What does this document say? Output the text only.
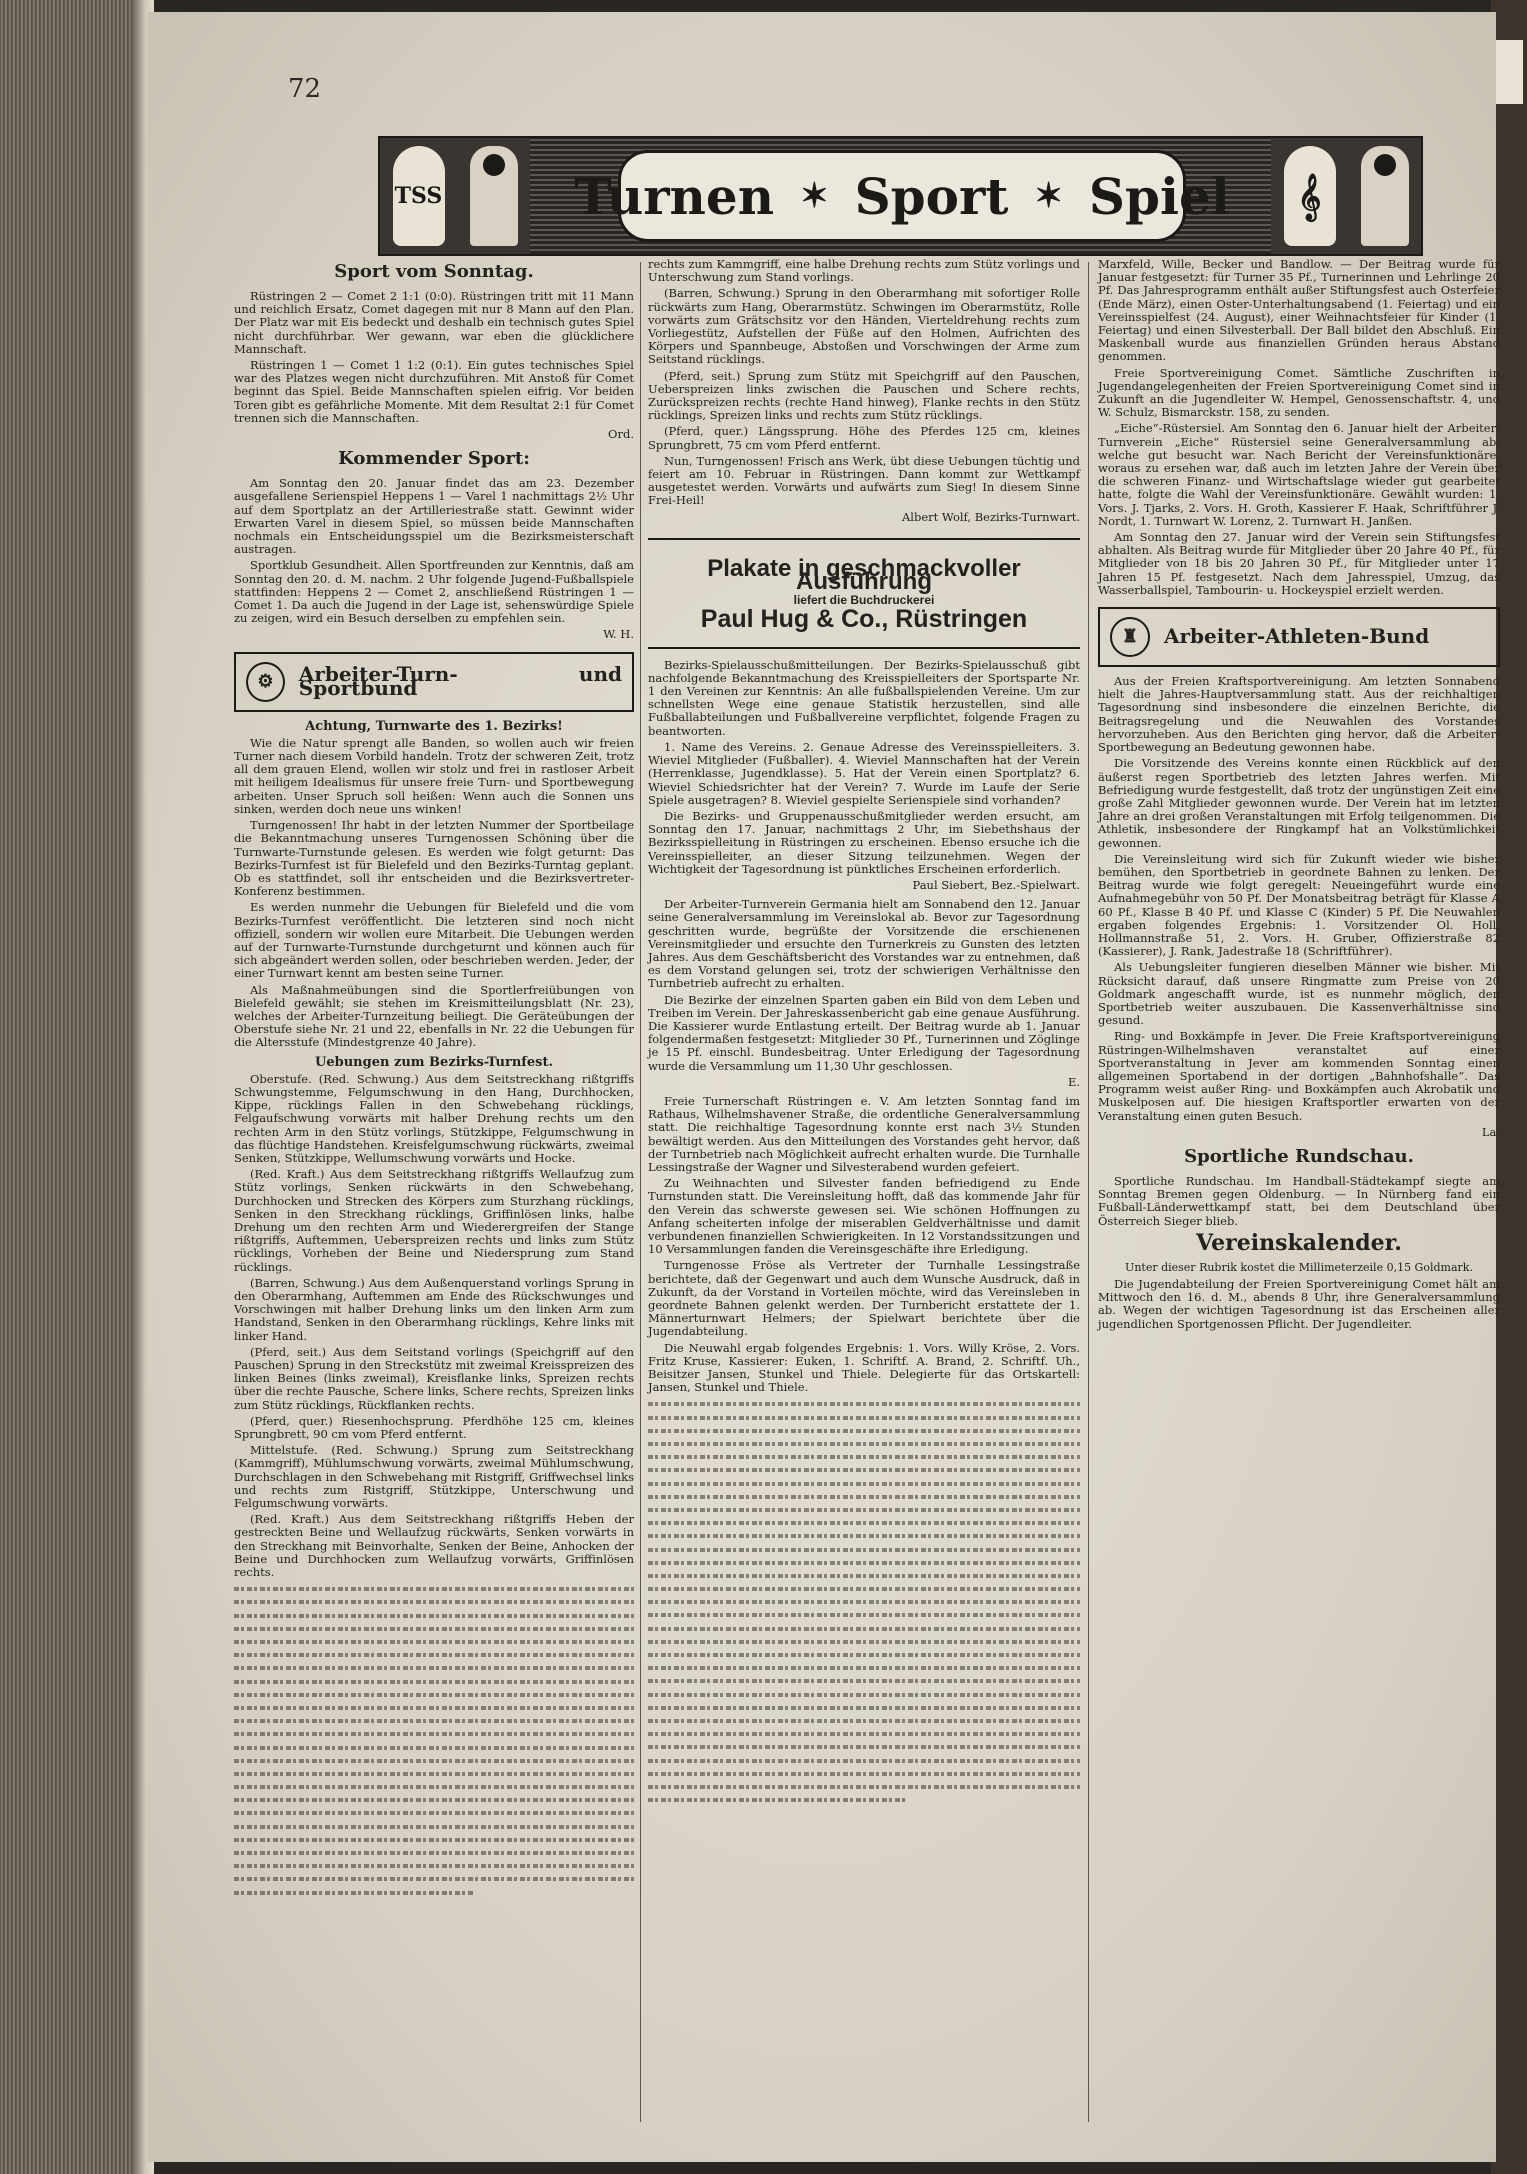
72
TSS	Turnen ✶ Sport ✶ Spiel	𝄞
Sport vom Sonntag.
Rüstringen 2 — Comet 2 1:1 (0:0). Rüstringen tritt mit 11 Mann und reichlich Ersatz, Comet dagegen mit nur 8 Mann auf den Plan. Der Platz war mit Eis bedeckt und deshalb ein technisch gutes Spiel nicht durchführbar. Wer gewann, war eben die glücklichere Mannschaft.
Rüstringen 1 — Comet 1 1:2 (0:1). Ein gutes technisches Spiel war des Platzes wegen nicht durchzuführen. Mit Anstoß für Comet beginnt das Spiel. Beide Mannschaften spielen eifrig. Vor beiden Toren gibt es gefährliche Momente. Mit dem Resultat 2:1 für Comet trennen sich die Mannschaften.
Ord.
Kommender Sport:
Am Sonntag den 20. Januar findet das am 23. Dezember ausgefallene Serienspiel Heppens 1 — Varel 1 nachmittags 2½ Uhr auf dem Sportplatz an der Artilleriestraße statt. Gewinnt wider Erwarten Varel in diesem Spiel, so müssen beide Mannschaften nochmals ein Entscheidungsspiel um die Bezirksmeisterschaft austragen.
Sportklub Gesundheit. Allen Sportfreunden zur Kenntnis, daß am Sonntag den 20. d. M. nachm. 2 Uhr folgende Jugend-Fußballspiele stattfinden: Heppens 2 — Comet 2, anschließend Rüstringen 1 — Comet 1. Da auch die Jugend in der Lage ist, sehenswürdige Spiele zu zeigen, wird ein Besuch derselben zu empfehlen sein.
W. H.
⚙	Arbeiter-Turn- und Sportbund
Achtung, Turnwarte des 1. Bezirks!
Wie die Natur sprengt alle Banden, so wollen auch wir freien Turner nach diesem Vorbild handeln. Trotz der schweren Zeit, trotz all dem grauen Elend, wollen wir stolz und frei in rastloser Arbeit mit heiligem Idealismus für unsere freie Turn- und Sportbewegung arbeiten. Unser Spruch soll heißen: Wenn auch die Sonnen uns sinken, werden doch neue uns winken!
Turngenossen! Ihr habt in der letzten Nummer der Sportbeilage die Bekanntmachung unseres Turngenossen Schöning über die Turnwarte-Turnstunde gelesen. Es werden wie folgt geturnt: Das Bezirks-Turnfest ist für Bielefeld und den Bezirks-Turntag geplant. Ob es stattfindet, soll ihr entscheiden und die Bezirksvertreter-Konferenz bestimmen.
Es werden nunmehr die Uebungen für Bielefeld und die vom Bezirks-Turnfest veröffentlicht. Die letzteren sind noch nicht offiziell, sondern wir wollen eure Mitarbeit. Die Uebungen werden auf der Turnwarte-Turnstunde durchgeturnt und können auch für sich abgeändert werden sollen, oder beschrieben werden. Jeder, der einer Turnwart kennt am besten seine Turner.
Als Maßnahmeübungen sind die Sportlerfreiübungen von Bielefeld gewählt; sie stehen im Kreismitteilungsblatt (Nr. 23), welches der Arbeiter-Turnzeitung beiliegt. Die Geräteübungen der Oberstufe siehe Nr. 21 und 22, ebenfalls in Nr. 22 die Uebungen für die Altersstufe (Mindestgrenze 40 Jahre).
Uebungen zum Bezirks-Turnfest.
Oberstufe. (Red. Schwung.) Aus dem Seitstreckhang rißtgriffs Schwungstemme, Felgumschwung in den Hang, Durchhocken, Kippe, rücklings Fallen in den Schwebehang rücklings, Felgaufschwung vorwärts mit halber Drehung rechts um den rechten Arm in den Stütz vorlings, Stützkippe, Felgumschwung in das flüchtige Handstehen. Kreisfelgumschwung rückwärts, zweimal Senken, Stützkippe, Wellumschwung vorwärts und Hocke.
(Red. Kraft.) Aus dem Seitstreckhang rißtgriffs Wellaufzug zum Stütz vorlings, Senken rückwärts in den Schwebehang, Durchhocken und Strecken des Körpers zum Sturzhang rücklings, Senken in den Streckhang rücklings, Griffinlösen links, halbe Drehung um den rechten Arm und Wiederergreifen der Stange rißtgriffs, Auftemmen, Ueberspreizen rechts und links zum Stütz rücklings, Vorheben der Beine und Niedersprung zum Stand rücklings.
(Barren, Schwung.) Aus dem Außenquerstand vorlings Sprung in den Oberarmhang, Auftemmen am Ende des Rückschwunges und Vorschwingen mit halber Drehung links um den linken Arm zum Handstand, Senken in den Oberarmhang rücklings, Kehre links mit linker Hand.
(Pferd, seit.) Aus dem Seitstand vorlings (Speichgriff auf den Pauschen) Sprung in den Streckstütz mit zweimal Kreisspreizen des linken Beines (links zweimal), Kreisflanke links, Spreizen rechts über die rechte Pausche, Schere links, Schere rechts, Spreizen links zum Stütz rücklings, Rückflanken rechts.
(Pferd, quer.) Riesenhochsprung. Pferdhöhe 125 cm, kleines Sprungbrett, 90 cm vom Pferd entfernt.
Mittelstufe. (Red. Schwung.) Sprung zum Seitstreckhang (Kammgriff), Mühlumschwung vorwärts, zweimal Mühlumschwung, Durchschlagen in den Schwebehang mit Ristgriff, Griffwechsel links und rechts zum Ristgriff, Stützkippe, Unterschwung und Felgumschwung vorwärts.
(Red. Kraft.) Aus dem Seitstreckhang rißtgriffs Heben der gestreckten Beine und Wellaufzug rückwärts, Senken vorwärts in den Streckhang mit Beinvorhalte, Senken der Beine, Anhocken der Beine und Durchhocken zum Wellaufzug vorwärts, Griffinlösen rechts.
rechts zum Kammgriff, eine halbe Drehung rechts zum Stütz vorlings und Unterschwung zum Stand vorlings.
(Barren, Schwung.) Sprung in den Oberarmhang mit sofortiger Rolle rückwärts zum Hang, Oberarmstütz. Schwingen im Oberarmstütz, Rolle vorwärts zum Grätschsitz vor den Händen, Vierteldrehung rechts zum Vorliegestütz, Aufstellen der Füße auf den Holmen, Aufrichten des Körpers und Spannbeuge, Abstoßen und Vorschwingen der Arme zum Seitstand rücklings.
(Pferd, seit.) Sprung zum Stütz mit Speichgriff auf den Pauschen, Ueberspreizen links zwischen die Pauschen und Schere rechts, Zurückspreizen rechts (rechte Hand hinweg), Flanke rechts in den Stütz rücklings, Spreizen links und rechts zum Stütz rücklings.
(Pferd, quer.) Längssprung. Höhe des Pferdes 125 cm, kleines Sprungbrett, 75 cm vom Pferd entfernt.
Nun, Turngenossen! Frisch ans Werk, übt diese Uebungen tüchtig und feiert am 10. Februar in Rüstringen. Dann kommt zur Wettkampf ausgetestet werden. Vorwärts und aufwärts zum Sieg! In diesem Sinne Frei-Heil!
Albert Wolf, Bezirks-Turnwart.
Plakate in geschmackvoller Ausführung
liefert die Buchdruckerei
Paul Hug & Co., Rüstringen
Bezirks-Spielausschußmitteilungen. Der Bezirks-Spielausschuß gibt nachfolgende Bekanntmachung des Kreisspielleiters der Sportsparte Nr. 1 den Vereinen zur Kenntnis: An alle fußballspielenden Vereine. Um zur schnellsten Wege eine genaue Statistik herzustellen, sind alle Fußballabteilungen und Fußballvereine verpflichtet, folgende Fragen zu beantworten.
1. Name des Vereins. 2. Genaue Adresse des Vereinsspielleiters. 3. Wieviel Mitglieder (Fußballer). 4. Wieviel Mannschaften hat der Verein (Herrenklasse, Jugendklasse). 5. Hat der Verein einen Sportplatz? 6. Wieviel Schiedsrichter hat der Verein? 7. Wurde im Laufe der Serie Spiele ausgetragen? 8. Wieviel gespielte Serienspiele sind vorhanden?
Die Bezirks- und Gruppenausschußmitglieder werden ersucht, am Sonntag den 17. Januar, nachmittags 2 Uhr, im Siebethshaus der Bezirksspielleitung in Rüstringen zu erscheinen. Ebenso ersuche ich die Vereinsspielleiter, an dieser Sitzung teilzunehmen. Wegen der Wichtigkeit der Tagesordnung ist pünktliches Erscheinen erforderlich.
Paul Siebert, Bez.-Spielwart.
Der Arbeiter-Turnverein Germania hielt am Sonnabend den 12. Januar seine Generalversammlung im Vereinslokal ab. Bevor zur Tagesordnung geschritten wurde, begrüßte der Vorsitzende die erschienenen Vereinsmitglieder und ersuchte den Turnerkreis zu Gunsten des letzten Jahres. Aus dem Geschäftsbericht des Vorstandes war zu entnehmen, daß es dem Vorstand gelungen sei, trotz der schwierigen Verhältnisse den Turnbetrieb aufrecht zu erhalten.
Die Bezirke der einzelnen Sparten gaben ein Bild von dem Leben und Treiben im Verein. Der Jahreskassenbericht gab eine genaue Ausführung. Die Kassierer wurde Entlastung erteilt. Der Beitrag wurde ab 1. Januar folgendermaßen festgesetzt: Mitglieder 30 Pf., Turnerinnen und Zöglinge je 15 Pf. einschl. Bundesbeitrag. Unter Erledigung der Tagesordnung wurde die Versammlung um 11,30 Uhr geschlossen.
E.
Freie Turnerschaft Rüstringen e. V. Am letzten Sonntag fand im Rathaus, Wilhelmshavener Straße, die ordentliche Generalversammlung statt. Die reichhaltige Tagesordnung konnte erst nach 3½ Stunden bewältigt werden. Aus den Mitteilungen des Vorstandes geht hervor, daß der Turnbetrieb nach Möglichkeit aufrecht erhalten wurde. Die Turnhalle Lessingstraße der Wagner und Silvesterabend wurden gefeiert.
Zu Weihnachten und Silvester fanden befriedigend zu Ende Turnstunden statt. Die Vereinsleitung hofft, daß das kommende Jahr für den Verein das schwerste gewesen sei. Wie schönen Hoffnungen zu Anfang scheiterten infolge der miserablen Geldverhältnisse und damit verbundenen finanziellen Schwierigkeiten. In 12 Vorstandssitzungen und 10 Versammlungen fanden die Vereinsgeschäfte ihre Erledigung.
Turngenosse Fröse als Vertreter der Turnhalle Lessingstraße berichtete, daß der Gegenwart und auch dem Wunsche Ausdruck, daß in Zukunft, da der Vorstand in Vorteilen möchte, wird das Vereinsleben in geordnete Bahnen gelenkt werden. Der Turnbericht erstattete der 1. Männerturnwart Helmers; der Spielwart berichtete über die Jugendabteilung.
Die Neuwahl ergab folgendes Ergebnis: 1. Vors. Willy Kröse, 2. Vors. Fritz Kruse, Kassierer: Euken, 1. Schriftf. A. Brand, 2. Schriftf. Uh., Beisitzer Jansen, Stunkel und Thiele. Delegierte für das Ortskartell: Jansen, Stunkel und Thiele.
Marxfeld, Wille, Becker und Bandlow. — Der Beitrag wurde für Januar festgesetzt: für Turner 35 Pf., Turnerinnen und Lehrlinge 20 Pf. Das Jahresprogramm enthält außer Stiftungsfest auch Osterfeier (Ende März), einen Oster-Unterhaltungsabend (1. Feiertag) und ein Vereinsspielfest (24. August), einer Weihnachtsfeier für Kinder (1. Feiertag) und einen Silvesterball. Der Ball bildet den Abschluß. Ein Maskenball wurde aus finanziellen Gründen heraus Abstand genommen.
Freie Sportvereinigung Comet. Sämtliche Zuschriften in Jugendangelegenheiten der Freien Sportvereinigung Comet sind in Zukunft an die Jugendleiter W. Hempel, Genossenschaftstr. 4, und W. Schulz, Bismarckstr. 158, zu senden.
„Eiche“-Rüstersiel. Am Sonntag den 6. Januar hielt der Arbeiter-Turnverein „Eiche“ Rüstersiel seine Generalversammlung ab, welche gut besucht war. Nach Bericht der Vereinsfunktionäre, woraus zu ersehen war, daß auch im letzten Jahre der Verein über die schweren Finanz- und Wirtschaftslage wieder gut gearbeitet hatte, folgte die Wahl der Vereinsfunktionäre. Gewählt wurden: 1. Vors. J. Tjarks, 2. Vors. H. Groth, Kassierer F. Haak, Schriftführer J. Nordt, 1. Turnwart W. Lorenz, 2. Turnwart H. Janßen.
Am Sonntag den 27. Januar wird der Verein sein Stiftungsfest abhalten. Als Beitrag wurde für Mitglieder über 20 Jahre 40 Pf., für Mitglieder von 18 bis 20 Jahren 30 Pf., für Mitglieder unter 17 Jahren 15 Pf. festgesetzt. Nach dem Jahresspiel, Umzug, das Wasserballspiel, Tambourin- u. Hockeyspiel erzielt werden.
♜	Arbeiter-Athleten-Bund
Aus der Freien Kraftsportvereinigung. Am letzten Sonnabend hielt die Jahres-Hauptversammlung statt. Aus der reichhaltigen Tagesordnung sind insbesondere die einzelnen Berichte, die Beitragsregelung und die Neuwahlen des Vorstandes hervorzuheben. Aus den Berichten ging hervor, daß die Arbeiter-Sportbewegung an Bedeutung gewonnen habe.
Die Vorsitzende des Vereins konnte einen Rückblick auf den äußerst regen Sportbetrieb des letzten Jahres werfen. Mit Befriedigung wurde festgestellt, daß trotz der ungünstigen Zeit eine große Zahl Mitglieder gewonnen wurde. Der Verein hat im letzten Jahre an drei großen Veranstaltungen mit Erfolg teilgenommen. Die Athletik, insbesondere der Ringkampf hat an Volkstümlichkeit gewonnen.
Die Vereinsleitung wird sich für Zukunft wieder wie bisher bemühen, den Sportbetrieb in geordnete Bahnen zu lenken. Der Beitrag wurde wie folgt geregelt: Neueingeführt wurde eine Aufnahmegebühr von 50 Pf. Der Monatsbeitrag beträgt für Klasse A 60 Pf., Klasse B 40 Pf. und Klasse C (Kinder) 5 Pf. Die Neuwahlen ergaben folgendes Ergebnis: 1. Vorsitzender Ol. Holl, Hollmannstraße 51, 2. Vors. H. Gruber, Offizierstraße 82 (Kassierer), J. Rank, Jadestraße 18 (Schriftführer).
Als Uebungsleiter fungieren dieselben Männer wie bisher. Mit Rücksicht darauf, daß unsere Ringmatte zum Preise von 20 Goldmark angeschafft wurde, ist es nunmehr möglich, den Sportbetrieb weiter auszubauen. Die Kassenverhältnisse sind gesund.
Ring- und Boxkämpfe in Jever. Die Freie Kraftsportvereinigung Rüstringen-Wilhelmshaven veranstaltet auf einer Sportveranstaltung in Jever am kommenden Sonntag einen allgemeinen Sportabend in der dortigen „Bahnhofshalle“. Das Programm weist außer Ring- und Boxkämpfen auch Akrobatik und Muskelposen auf. Die hiesigen Kraftsportler erwarten von der Veranstaltung einen guten Besuch.
La.
Sportliche Rundschau.
Sportliche Rundschau. Im Handball-Städtekampf siegte am Sonntag Bremen gegen Oldenburg. — In Nürnberg fand ein Fußball-Länderwettkampf statt, bei dem Deutschland über Österreich Sieger blieb.
Vereinskalender.
Unter dieser Rubrik kostet die Millimeterzeile 0,15 Goldmark.
Die Jugendabteilung der Freien Sportvereinigung Comet hält am Mittwoch den 16. d. M., abends 8 Uhr, ihre Generalversammlung ab. Wegen der wichtigen Tagesordnung ist das Erscheinen aller jugendlichen Sportgenossen Pflicht. Der Jugendleiter.
